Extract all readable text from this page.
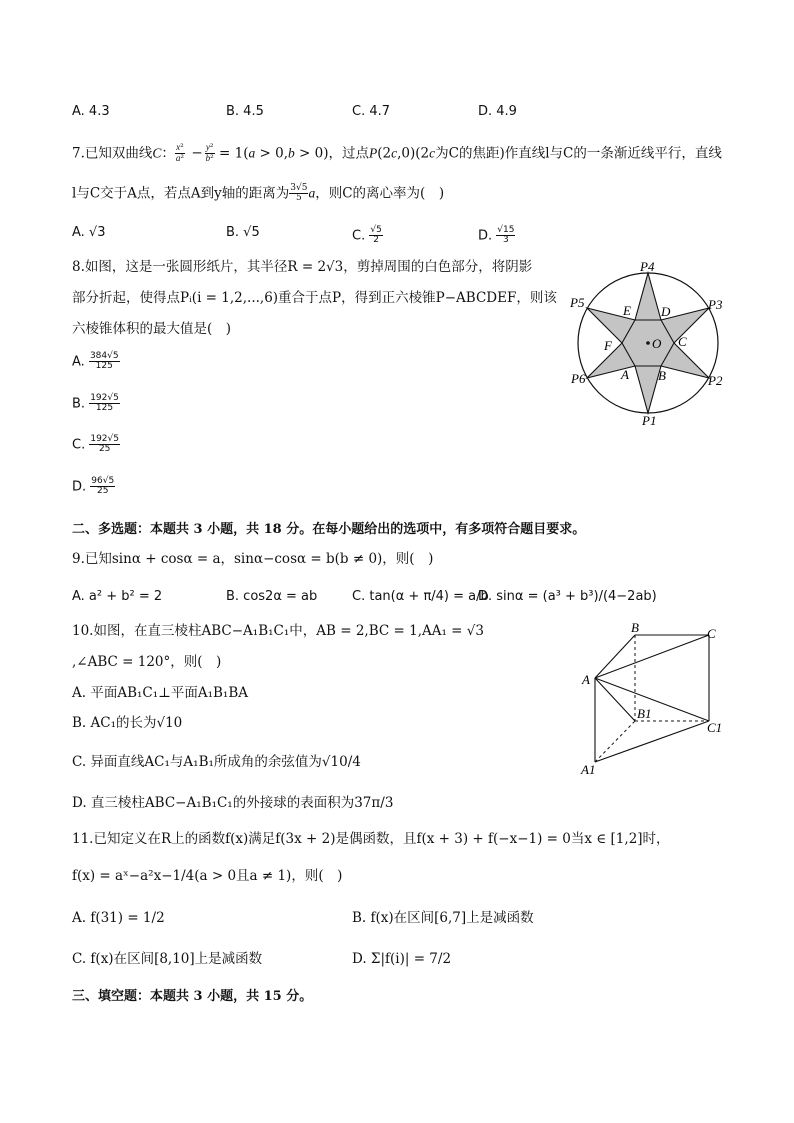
A. 4.3	B. 4.5	C. 4.7	D. 4.9
7.已知双曲线C： $\frac{\text{x²}}{\text{a²}} - \frac{\text{y²}}{\text{b²}} = 1(a > 0,b > 0)$，过点P(2c,0)(2c为C的焦距)作直线l与C的一条渐近线平行，直线
l与C交于A点，若点A到y轴的距离为 $\frac{3√5}{5}$ a，则C的离心率为(　)
A. √3	B. √5	C. $\frac{√5}{2}$	D. $\frac{√15}{3}$
8.如图，这是一张圆形纸片，其半径R = 2√3，剪掉周围的白色部分，将阴影
部分折起，使得点Pᵢ(i = 1,2,...,6)重合于点P，得到正六棱锥P−ABCDEF，则该
六棱锥体积的最大值是(　)
A. $\frac{384√5}{125}$
B. $\frac{192√5}{125}$
C. $\frac{192√5}{25}$
D. $\frac{96√5}{25}$
P4
P5	P3
P6	P2
P1
E D
F	O C
A B
二、多选题：本题共 3 小题，共 18 分。在每小题给出的选项中，有多项符合题目要求。
9.已知sinα + cosα = a，sinα−cosα = b(b ≠ 0)，则(　)
A. a² + b² = 2	B. cos2α = ab	C. tan(α + π/4) = a/b
D. sinα = (a³ + b³)/(4−2ab)
10.如图，在直三棱柱ABC−A₁B₁C₁中，AB = 2,BC = 1,AA₁ = √3
,∠ABC = 120°，则(　)
A. 平面AB₁C₁⊥平面A₁B₁BA
B. AC₁的长为√10
C. 异面直线AC₁与A₁B₁所成角的余弦值为√10/4
D. 直三棱柱ABC−A₁B₁C₁的外接球的表面积为37π/3
B	C
A
B1
C1
A1
11.已知定义在R上的函数f(x)满足f(3x + 2)是偶函数，且f(x + 3) + f(−x−1) = 0当x ∈ [1,2]时，
f(x) = aˣ−a²x−1/4(a > 0且a ≠ 1)，则(　)
A. f(31) = 1/2	B. f(x)在区间[6,7]上是减函数
C. f(x)在区间[8,10]上是减函数	D. Σ|f(i)| = 7/2
三、填空题：本题共 3 小题，共 15 分。
